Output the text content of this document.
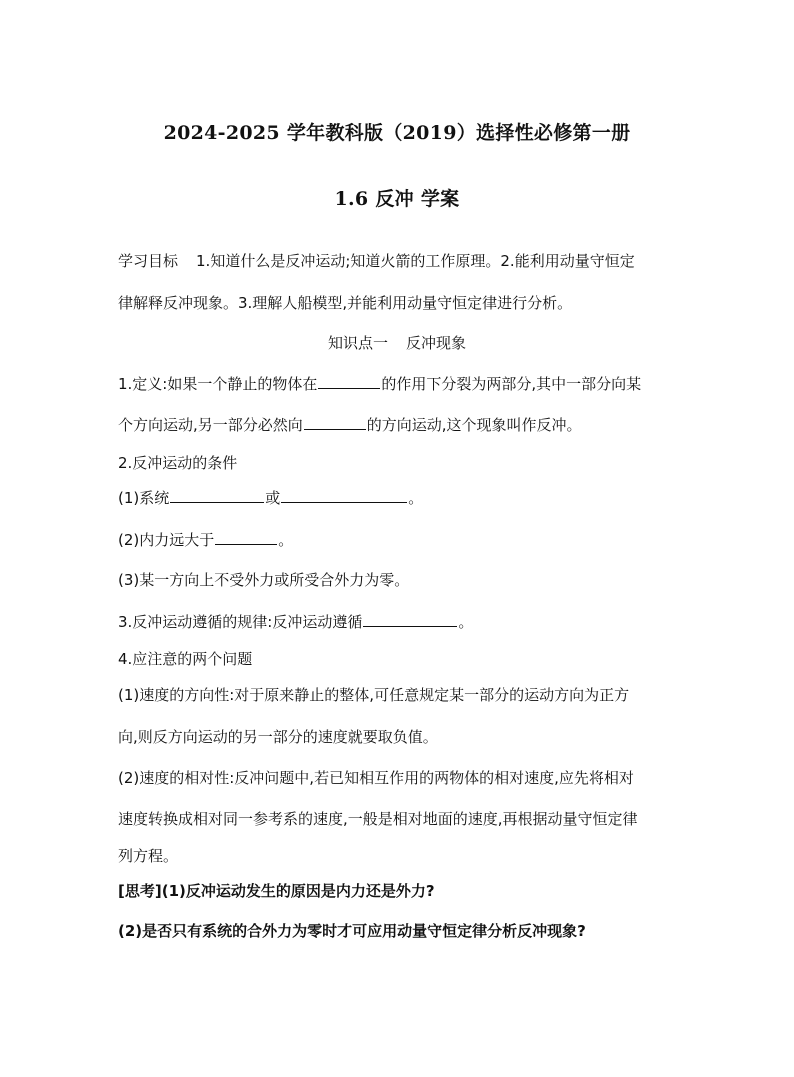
2024-2025 学年教科版（2019）选择性必修第一册
1.6 反冲 学案
学习目标 1.知道什么是反冲运动;知道火箭的工作原理。2.能利用动量守恒定
律解释反冲现象。3.理解人船模型,并能利用动量守恒定律进行分析。
知识点一 反冲现象
1.定义:如果一个静止的物体在	的作用下分裂为两部分,其中一部分向某
个方向运动,另一部分必然向	的方向运动,这个现象叫作反冲。
2.反冲运动的条件
(1)系统	或	。
(2)内力远大于	。
(3)某一方向上不受外力或所受合外力为零。
3.反冲运动遵循的规律:反冲运动遵循	。
4.应注意的两个问题
(1)速度的方向性:对于原来静止的整体,可任意规定某一部分的运动方向为正方
向,则反方向运动的另一部分的速度就要取负值。
(2)速度的相对性:反冲问题中,若已知相互作用的两物体的相对速度,应先将相对
速度转换成相对同一参考系的速度,一般是相对地面的速度,再根据动量守恒定律
列方程。
[思考](1)反冲运动发生的原因是内力还是外力?
(2)是否只有系统的合外力为零时才可应用动量守恒定律分析反冲现象?
